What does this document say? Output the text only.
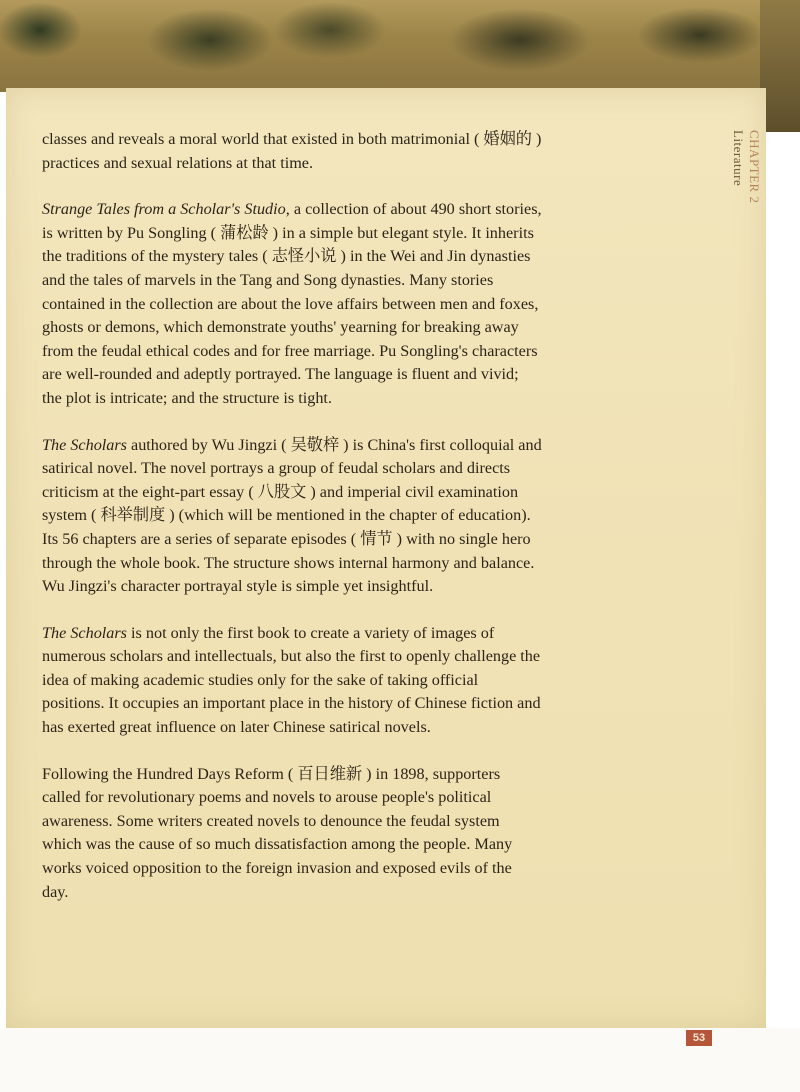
CHAPTER 2
Literature

classes and reveals a moral world that existed in both matrimonial ( 婚姻的 ) practices and sexual relations at that time.

Strange Tales from a Scholar's Studio, a collection of about 490 short stories, is written by Pu Songling ( 蒲松龄 ) in a simple but elegant style. It inherits the traditions of the mystery tales ( 志怪小说 ) in the Wei and Jin dynasties and the tales of marvels in the Tang and Song dynasties. Many stories contained in the collection are about the love affairs between men and foxes, ghosts or demons, which demonstrate youths' yearning for breaking away from the feudal ethical codes and for free marriage. Pu Songling's characters are well-rounded and adeptly portrayed. The language is fluent and vivid; the plot is intricate; and the structure is tight.

The Scholars authored by Wu Jingzi ( 吴敬梓 ) is China's first colloquial and satirical novel. The novel portrays a group of feudal scholars and directs criticism at the eight-part essay ( 八股文 ) and imperial civil examination system ( 科举制度 ) (which will be mentioned in the chapter of education). Its 56 chapters are a series of separate episodes ( 情节 ) with no single hero through the whole book. The structure shows internal harmony and balance. Wu Jingzi's character portrayal style is simple yet insightful.

The Scholars is not only the first book to create a variety of images of numerous scholars and intellectuals, but also the first to openly challenge the idea of making academic studies only for the sake of taking official positions. It occupies an important place in the history of Chinese fiction and has exerted great influence on later Chinese satirical novels.

Following the Hundred Days Reform ( 百日维新 ) in 1898, supporters called for revolutionary poems and novels to arouse people's political awareness. Some writers created novels to denounce the feudal system which was the cause of so much dissatisfaction among the people. Many works voiced opposition to the foreign invasion and exposed evils of the day.

53
